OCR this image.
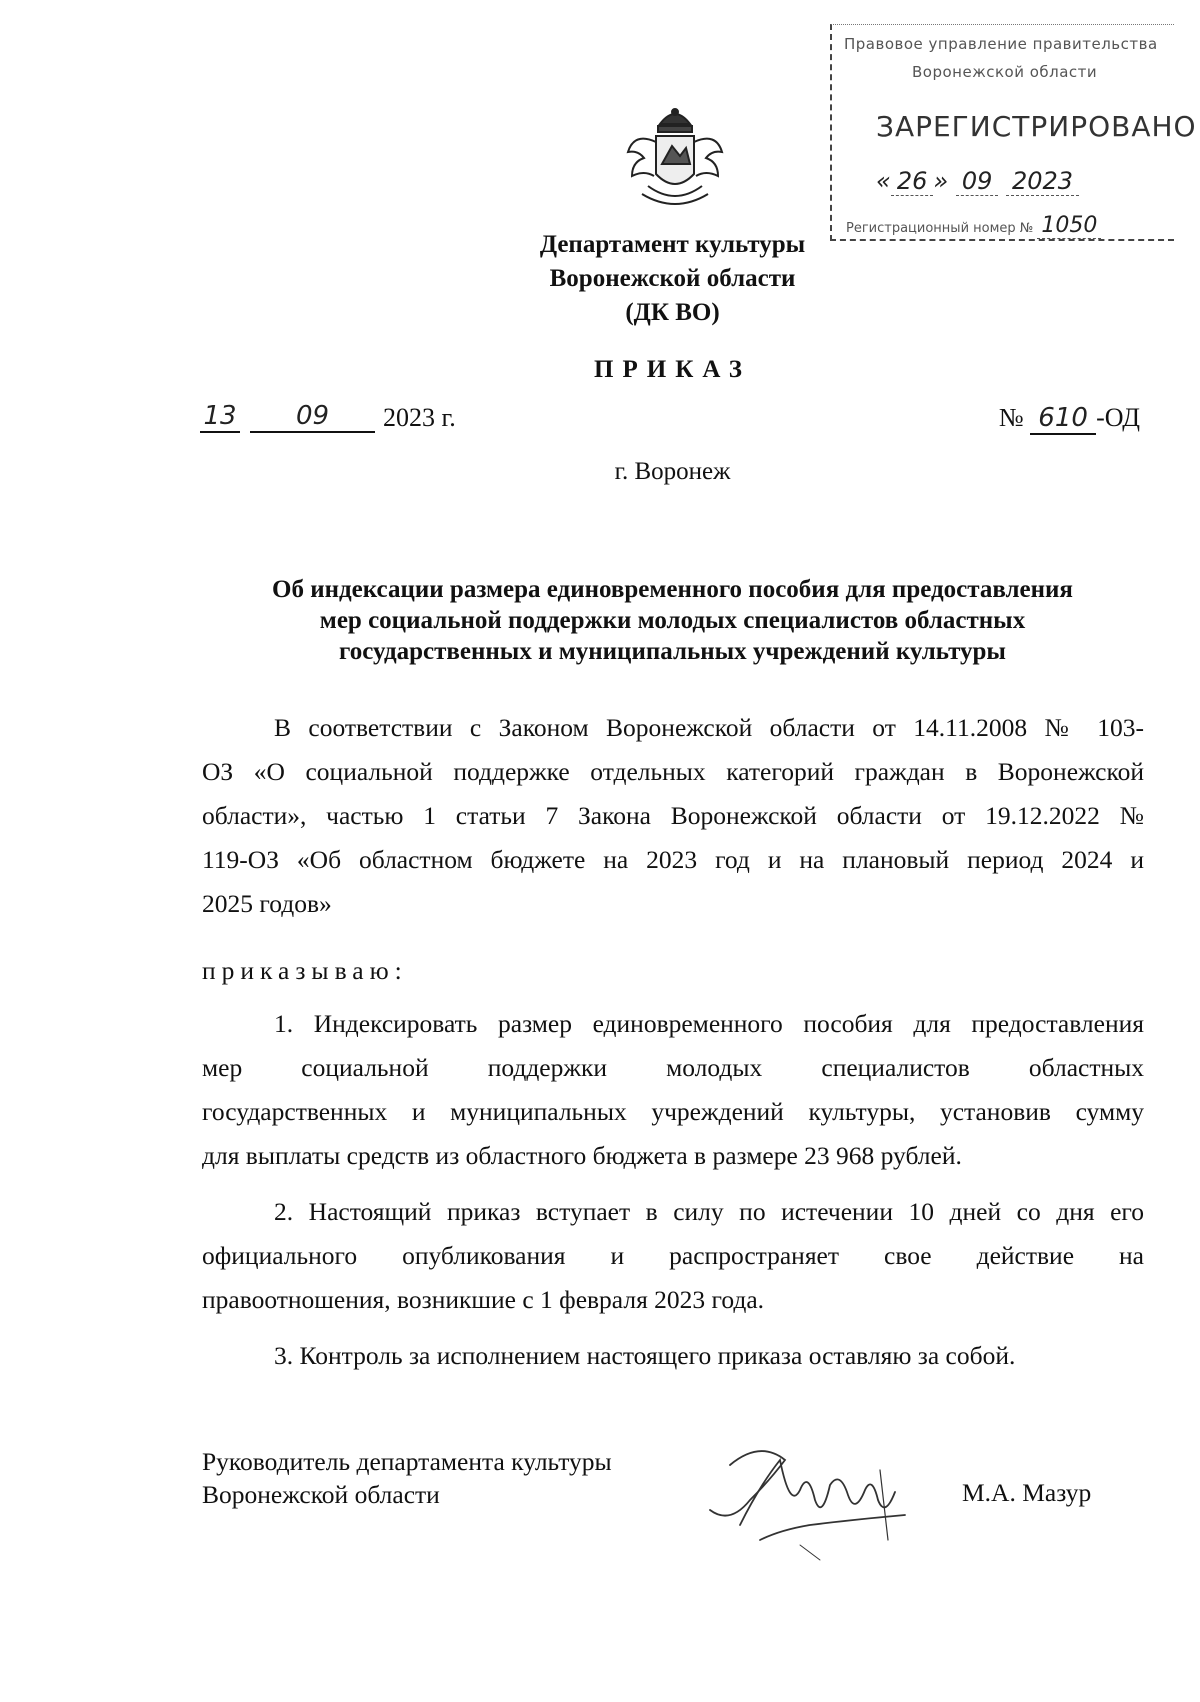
Правовое управление правительства
Воронежской области
ЗАРЕГИСТРИРОВАНО
« 26 » 09 2023
Регистрационный номер № 1050
Департамент культуры
Воронежской области
(ДК ВО)
ПРИКАЗ
13	09	2023 г.	№ 610 -ОД
г. Воронеж
Об индексации размера единовременного пособия для предоставления
мер социальной поддержки молодых специалистов областных
государственных и муниципальных учреждений культуры
В соответствии с Законом Воронежской области от 14.11.2008 № 103-
ОЗ «О социальной поддержке отдельных категорий граждан в Воронежской
области», частью 1 статьи 7 Закона Воронежской области от 19.12.2022 №
119-ОЗ «Об областном бюджете на 2023 год и на плановый период 2024 и
2025 годов»
приказываю:
1. Индексировать размер единовременного пособия для предоставления
мер социальной поддержки молодых специалистов областных
государственных и муниципальных учреждений культуры, установив сумму
для выплаты средств из областного бюджета в размере 23 968 рублей.
2. Настоящий приказ вступает в силу по истечении 10 дней со дня его
официального опубликования и распространяет свое действие на
правоотношения, возникшие с 1 февраля 2023 года.
3. Контроль за исполнением настоящего приказа оставляю за собой.
Руководитель департамента культуры
Воронежской области	М.А. Мазур
